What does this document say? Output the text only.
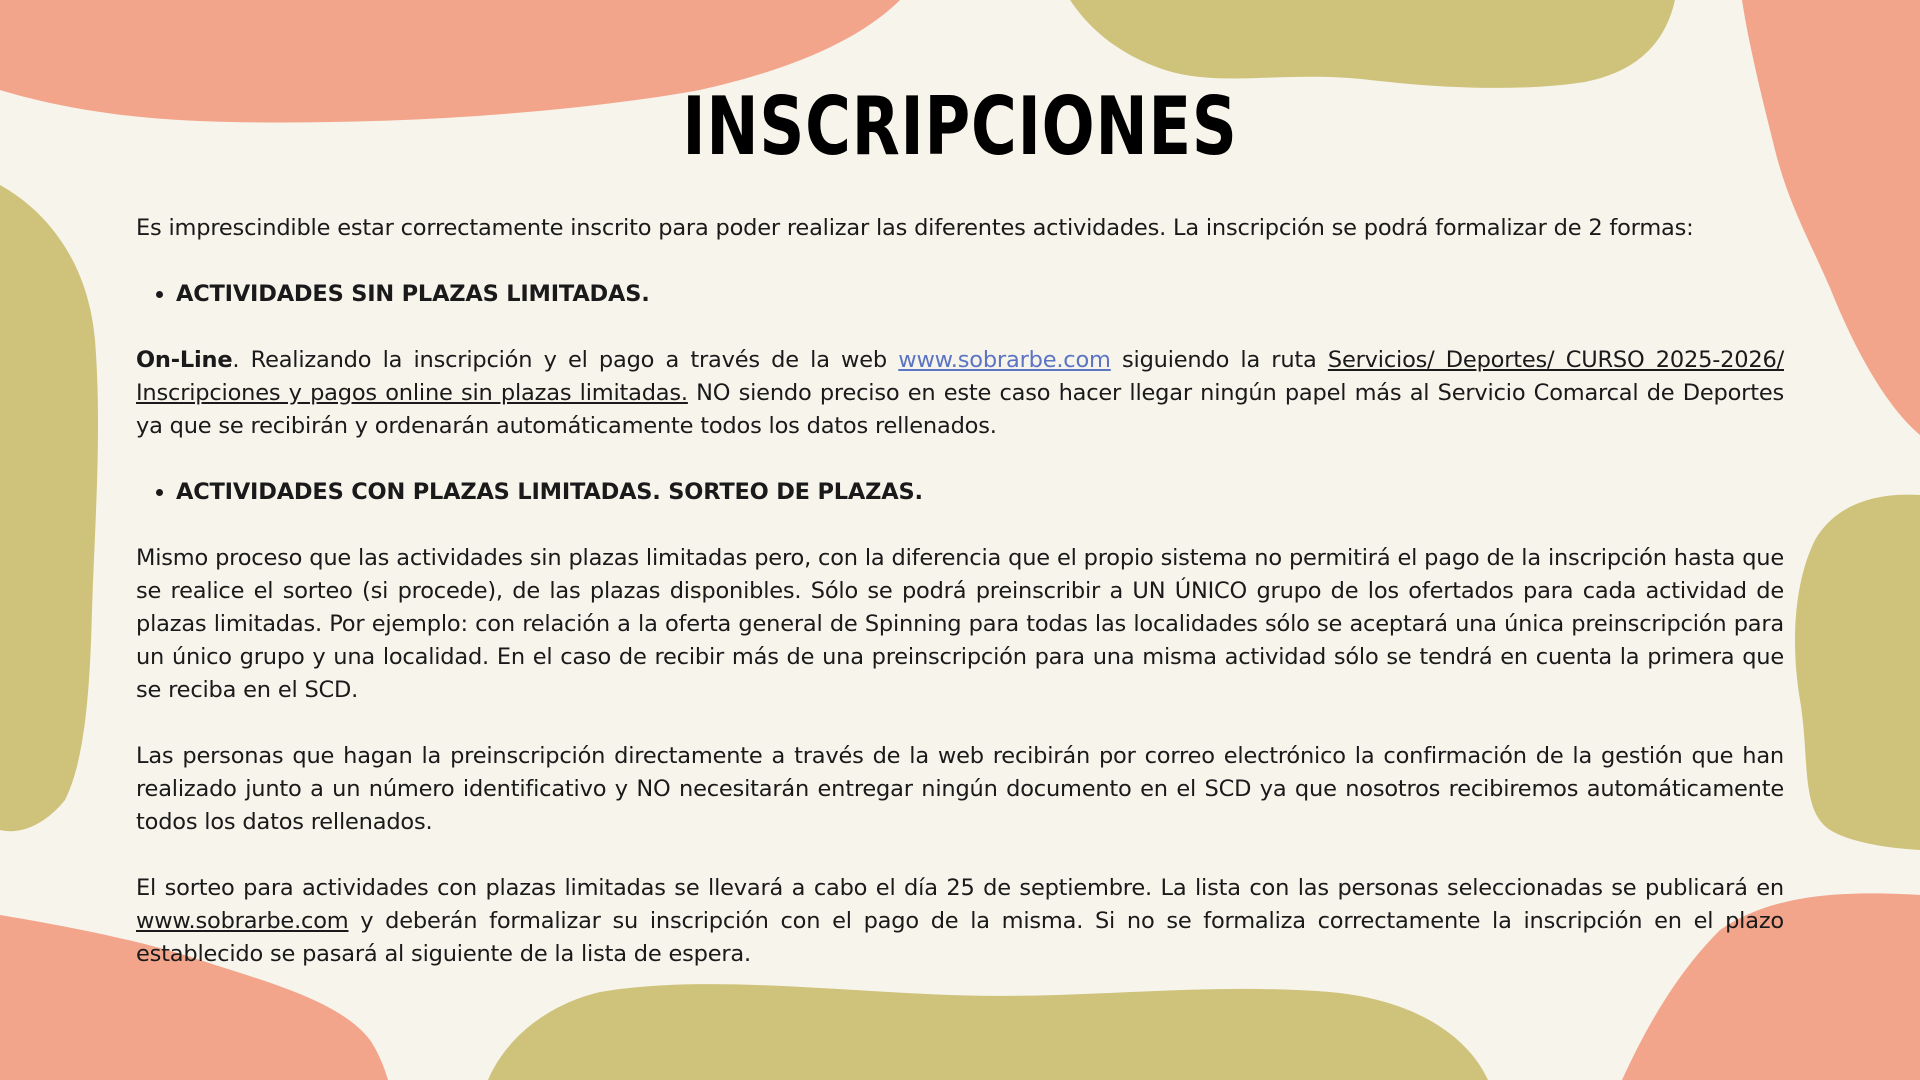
INSCRIPCIONES

Es imprescindible estar correctamente inscrito para poder realizar las diferentes actividades. La inscripción se podrá formalizar de 2 formas:

• ACTIVIDADES SIN PLAZAS LIMITADAS.

On-Line. Realizando la inscripción y el pago a través de la web www.sobrarbe.com siguiendo la ruta Servicios/ Deportes/ CURSO 2025-2026/ Inscripciones y pagos online sin plazas limitadas. NO siendo preciso en este caso hacer llegar ningún papel más al Servicio Comarcal de Deportes ya que se recibirán y ordenarán automáticamente todos los datos rellenados.

• ACTIVIDADES CON PLAZAS LIMITADAS. SORTEO DE PLAZAS.

Mismo proceso que las actividades sin plazas limitadas pero, con la diferencia que el propio sistema no permitirá el pago de la inscripción hasta que se realice el sorteo (si procede), de las plazas disponibles. Sólo se podrá preinscribir a UN ÚNICO grupo de los ofertados para cada actividad de plazas limitadas. Por ejemplo: con relación a la oferta general de Spinning para todas las localidades sólo se aceptará una única preinscripción para un único grupo y una localidad. En el caso de recibir más de una preinscripción para una misma actividad sólo se tendrá en cuenta la primera que se reciba en el SCD.

Las personas que hagan la preinscripción directamente a través de la web recibirán por correo electrónico la confirmación de la gestión que han realizado junto a un número identificativo y NO necesitarán entregar ningún documento en el SCD ya que nosotros recibiremos automáticamente todos los datos rellenados.

El sorteo para actividades con plazas limitadas se llevará a cabo el día 25 de septiembre. La lista con las personas seleccionadas se publicará en www.sobrarbe.com y deberán formalizar su inscripción con el pago de la misma. Si no se formaliza correctamente la inscripción en el plazo establecido se pasará al siguiente de la lista de espera.
